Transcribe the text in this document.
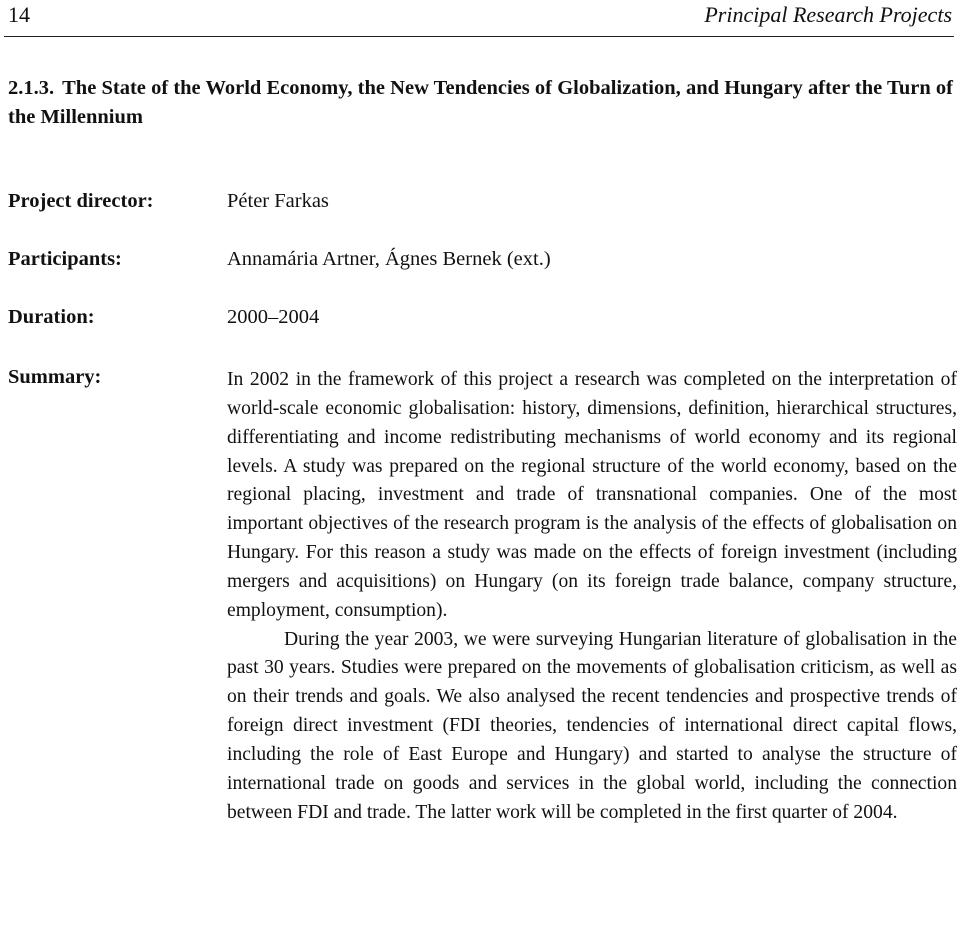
14	Principal Research Projects
2.1.3. The State of the World Economy, the New Tendencies of Globalization, and Hungary after the Turn of the Millennium
Project director:	Péter Farkas
Participants:	Annamária Artner, Ágnes Bernek (ext.)
Duration:	2000–2004
Summary:	In 2002 in the framework of this project a research was completed on the interpretation of world-scale economic globalisation: history, dimensions, definition, hierarchical structures, differentiating and income redistributing mechanisms of world economy and its regional levels. A study was prepared on the regional structure of the world economy, based on the regional placing, investment and trade of transnational companies. One of the most important objectives of the research program is the analysis of the effects of globalisation on Hungary. For this reason a study was made on the effects of foreign investment (including mergers and acquisitions) on Hungary (on its foreign trade balance, company structure, employment, consumption).

During the year 2003, we were surveying Hungarian literature of globalisation in the past 30 years. Studies were prepared on the movements of globalisation criticism, as well as on their trends and goals. We also analysed the recent tendencies and prospective trends of foreign direct investment (FDI theories, tendencies of international direct capital flows, including the role of East Europe and Hungary) and started to analyse the structure of international trade on goods and services in the global world, including the connection between FDI and trade. The latter work will be completed in the first quarter of 2004.
